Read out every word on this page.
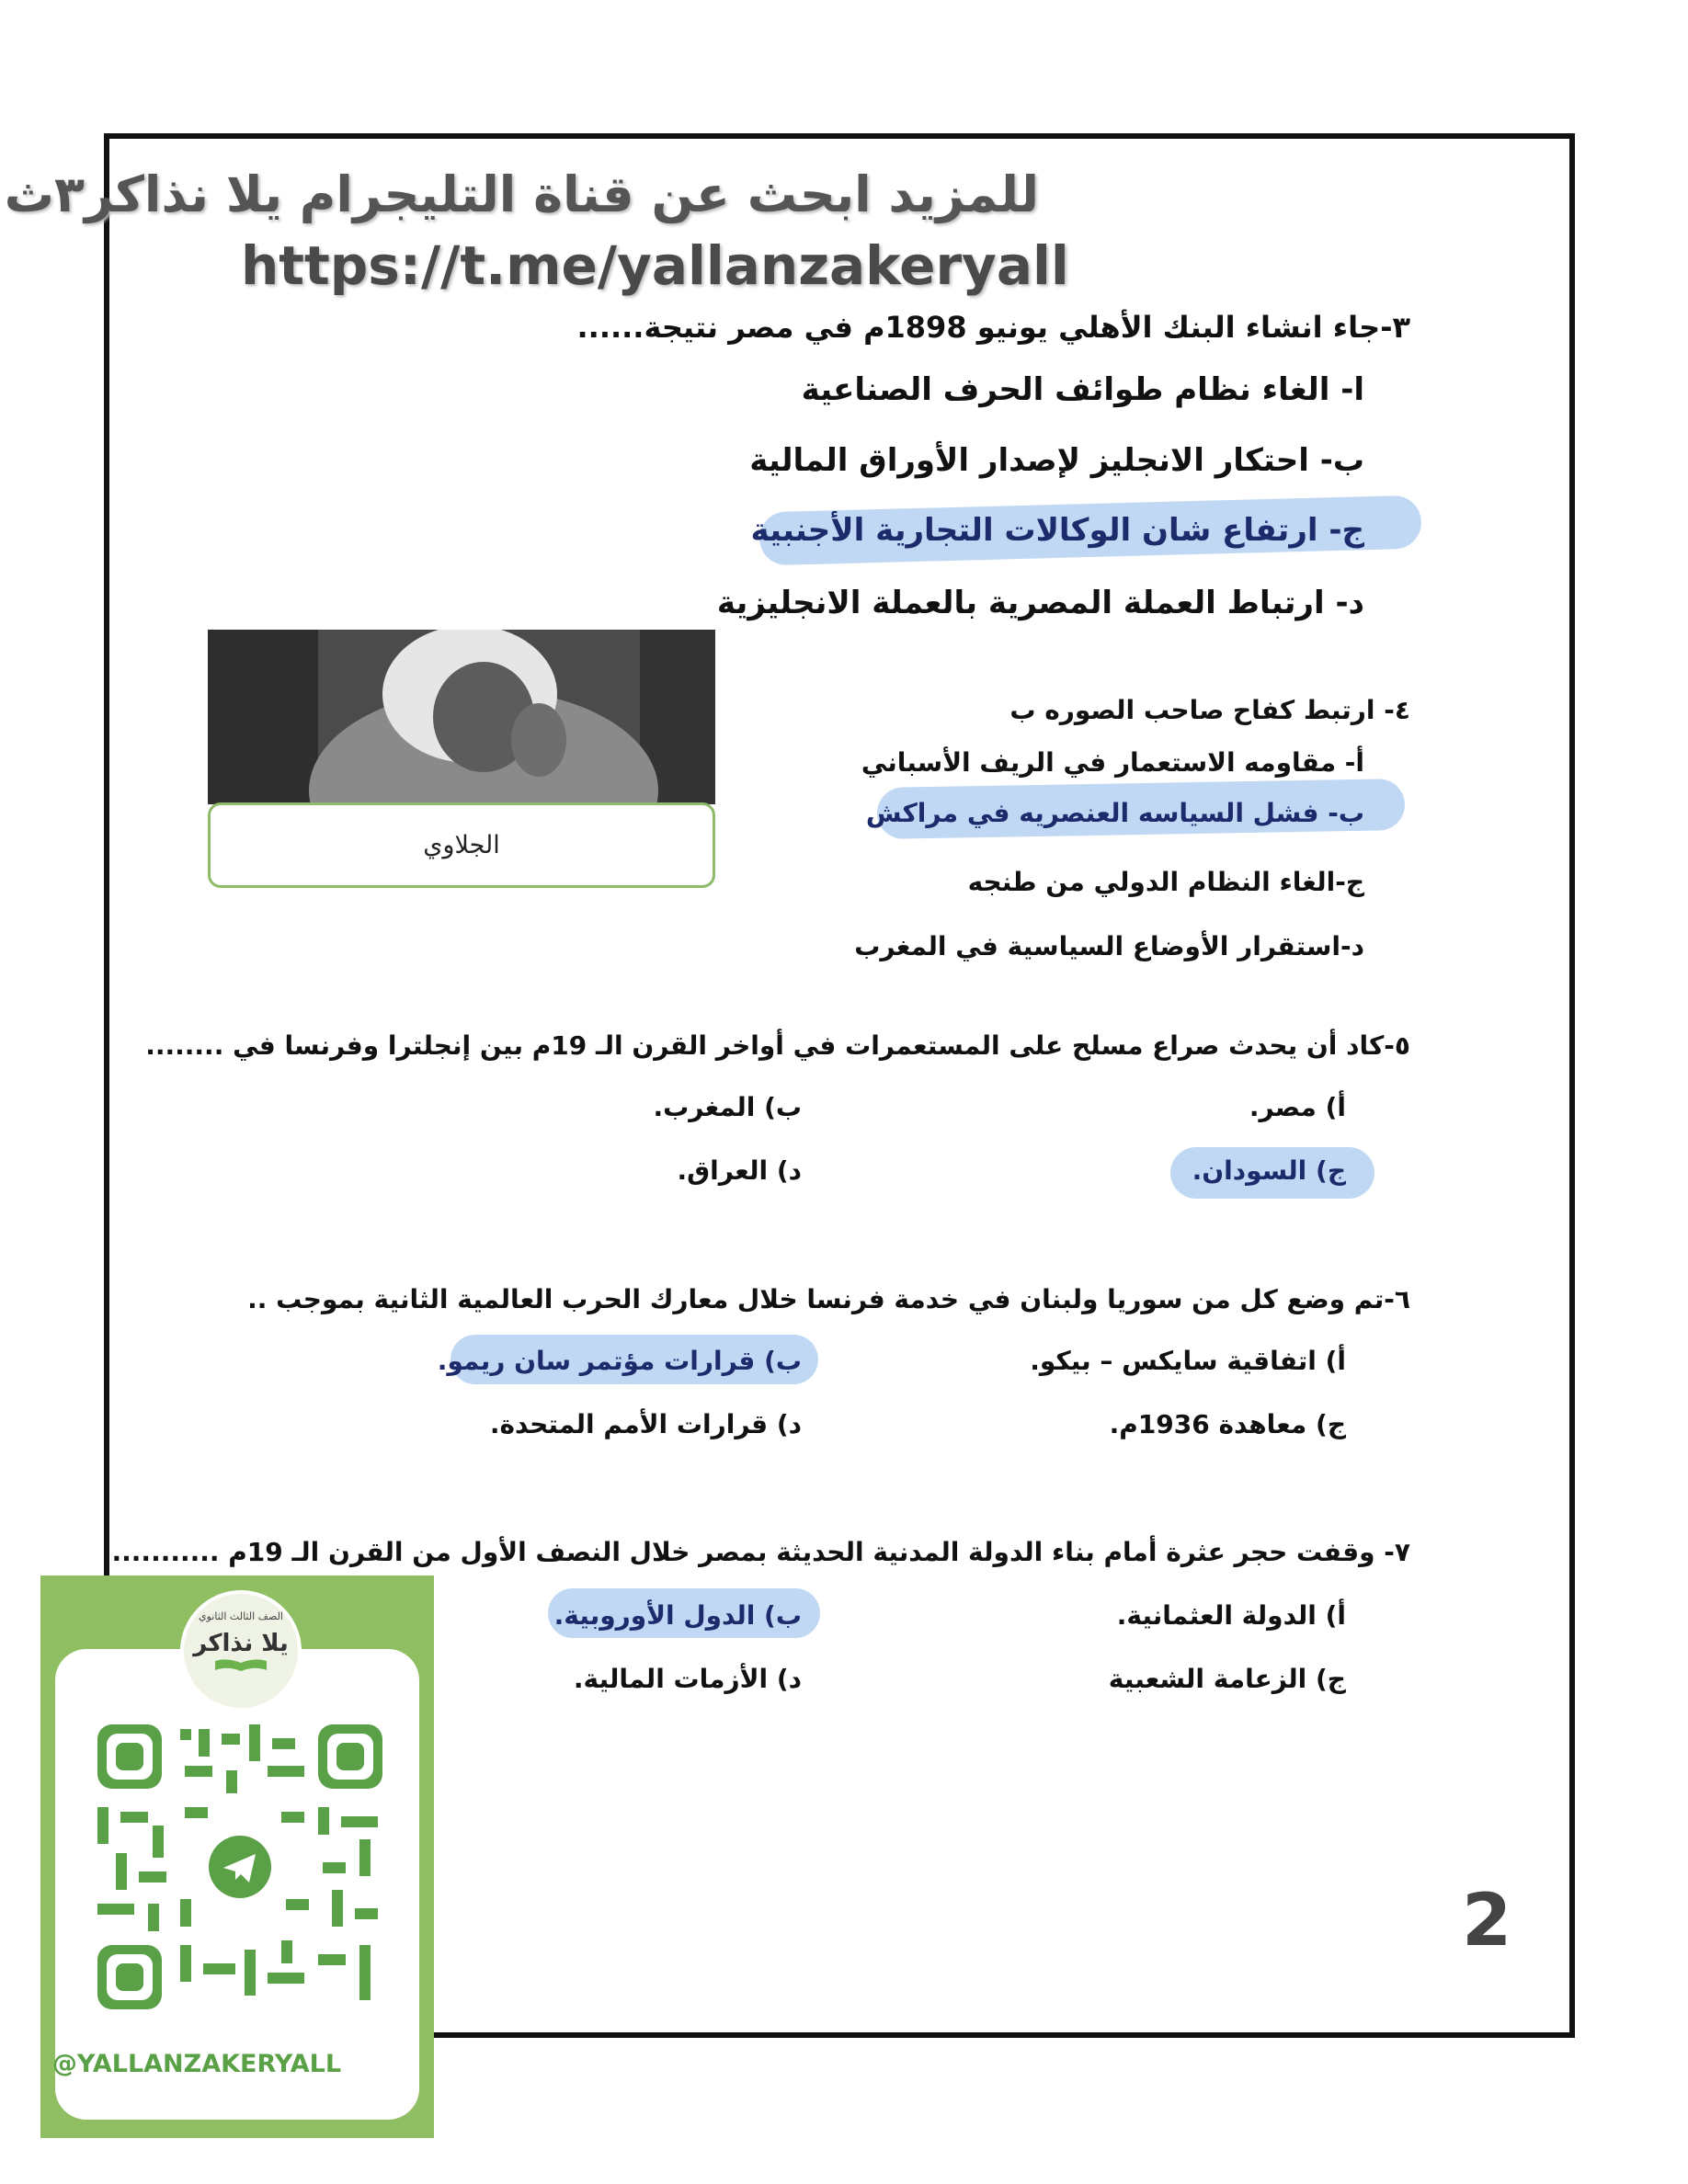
للمزيد ابحث عن قناة التليجرام يلا نذاكر٣ث
https://t.me/yallanzakeryall
٣-جاء انشاء البنك الأهلي يونيو 1898م في مصر نتيجة......
ا- الغاء نظام طوائف الحرف الصناعية
ب- احتكار الانجليز لإصدار الأوراق المالية
ج- ارتفاع شان الوكالات التجارية الأجنبية
د- ارتباط العملة المصرية بالعملة الانجليزية
الجلاوي
٤- ارتبط كفاح صاحب الصوره ب
أ- مقاومه الاستعمار في الريف الأسباني
ب- فشل السياسه العنصريه في مراكش
ج-الغاء النظام الدولي من طنجه
د-استقرار الأوضاع السياسية في المغرب
٥-كاد أن يحدث صراع مسلح على المستعمرات في أواخر القرن الـ 19م بين إنجلترا وفرنسا في ........
أ) مصر.
ب) المغرب.
ج) السودان.
د) العراق.
٦-تم وضع كل من سوريا ولبنان في خدمة فرنسا خلال معارك الحرب العالمية الثانية بموجب ..
أ) اتفاقية سايكس – بيكو.
ب) قرارات مؤتمر سان ريمو.
ج) معاهدة 1936م.
د) قرارات الأمم المتحدة.
٧- وقفت حجر عثرة أمام بناء الدولة المدنية الحديثة بمصر خلال النصف الأول من القرن الـ 19م ...........
أ) الدولة العثمانية.
ب) الدول الأوروبية.
ج) الزعامة الشعبية
د) الأزمات المالية.
2
الصف الثالث الثانوي
يلا نذاكر
@YALLANZAKERYALL
